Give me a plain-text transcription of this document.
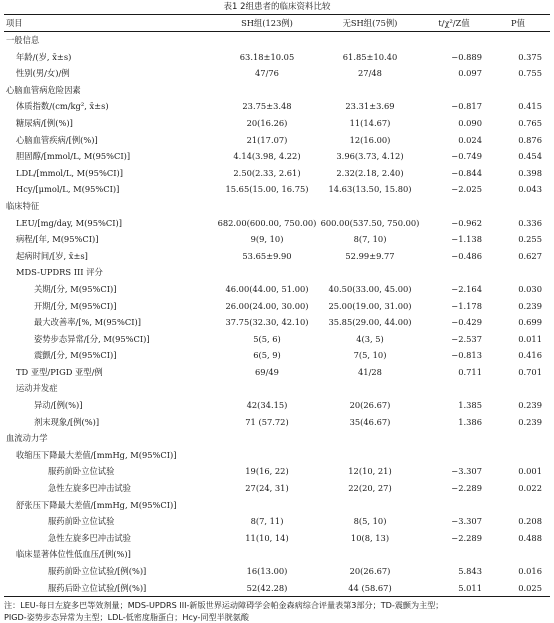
表1 2组患者的临床资料比较
项目	SH组(123例)	无SH组(75例)	t/χ²/Z值	P值
一般信息				
年龄/(岁, x̄±s)	63.18±10.05	61.85±10.40	−0.889	0.375
性别(男/女)/例	47/76	27/48	0.097	0.755
心脑血管病危险因素				
体质指数/(cm/kg², x̄±s)	23.75±3.48	23.31±3.69	−0.817	0.415
糖尿病/[例(%)]	20(16.26)	11(14.67)	0.090	0.765
心脑血管疾病/[例(%)]	21(17.07)	12(16.00)	0.024	0.876
胆固醇/[mmol/L, M(95%CI)]	4.14(3.98, 4.22)	3.96(3.73, 4.12)	−0.749	0.454
LDL/[mmol/L, M(95%CI)]	2.50(2.33, 2.61)	2.32(2.18, 2.40)	−0.844	0.398
Hcy/[μmol/L, M(95%CI)]	15.65(15.00, 16.75)	14.63(13.50, 15.80)	−2.025	0.043
临床特征				
LEU/[mg/day, M(95%CI)]	682.00(600.00, 750.00)	600.00(537.50, 750.00)	−0.962	0.336
病程/[年, M(95%CI)]	9(9, 10)	8(7, 10)	−1.138	0.255
起病时间/[岁, x̄±s]	53.65±9.90	52.99±9.77	−0.486	0.627
MDS-UPDRS III 评分				
关期/[分, M(95%CI)]	46.00(44.00, 51.00)	40.50(33.00, 45.00)	−2.164	0.030
开期/[分, M(95%CI)]	26.00(24.00, 30.00)	25.00(19.00, 31.00)	−1.178	0.239
最大改善率/[%, M(95%CI)]	37.75(32.30, 42.10)	35.85(29.00, 44.00)	−0.429	0.699
姿势步态异常/[分, M(95%CI)]	5(5, 6)	4(3, 5)	−2.537	0.011
震颤/[分, M(95%CI)]	6(5, 9)	7(5, 10)	−0.813	0.416
TD 亚型/PIGD 亚型/例	69/49	41/28	0.711	0.701
运动并发症				
异动/[例(%)]	42(34.15)	20(26.67)	1.385	0.239
剂末现象/[例(%)]	71 (57.72)	35(46.67)	1.386	0.239
血流动力学				
收缩压下降最大差值/[mmHg, M(95%CI)]				
服药前卧立位试验	19(16, 22)	12(10, 21)	−3.307	0.001
急性左旋多巴冲击试验	27(24, 31)	22(20, 27)	−2.289	0.022
舒张压下降最大差值/[mmHg, M(95%CI)]				
服药前卧立位试验	8(7, 11)	8(5, 10)	−3.307	0.208
急性左旋多巴冲击试验	11(10, 14)	10(8, 13)	−2.289	0.488
临床显著体位性低血压/[例(%)]				
服药前卧立位试验/[例(%)]	16(13.00)	20(26.67)	5.843	0.016
服药后卧立位试验/[例(%)]	52(42.28)	44 (58.67)	5.011	0.025
注：LEU-每日左旋多巴等效剂量；MDS-UPDRS III-新版世界运动障碍学会帕金森病综合评量表第3部分；TD-震颤为主型；
PIGD-姿势步态异常为主型；LDL-低密度脂蛋白；Hcy-同型半胱氨酸
